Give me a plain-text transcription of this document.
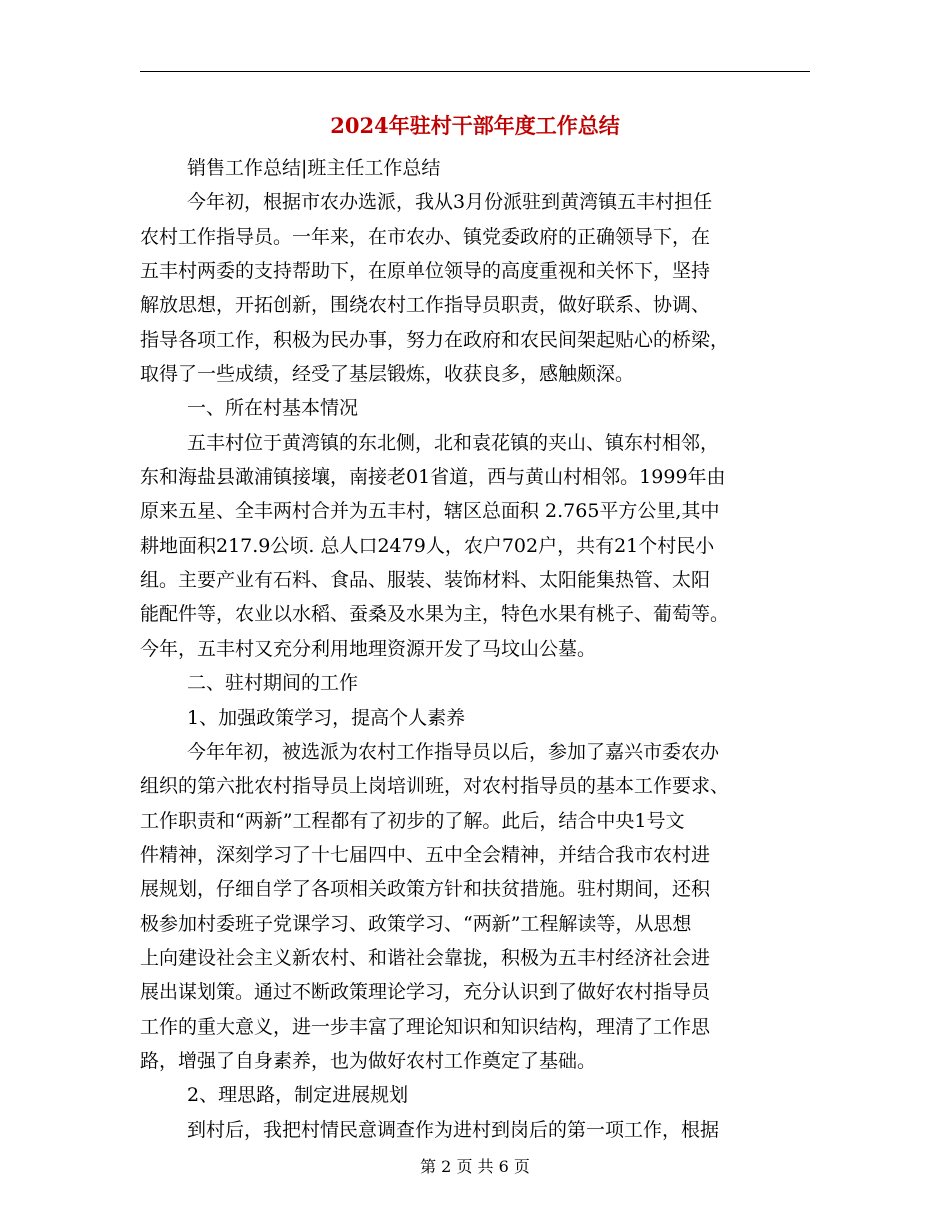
2024年驻村干部年度工作总结
销售工作总结|班主任工作总结
今年初，根据市农办选派，我从3月份派驻到黄湾镇五丰村担任
农村工作指导员。一年来，在市农办、镇党委政府的正确领导下，在
五丰村两委的支持帮助下，在原单位领导的高度重视和关怀下，坚持
解放思想，开拓创新，围绕农村工作指导员职责，做好联系、协调、
指导各项工作，积极为民办事，努力在政府和农民间架起贴心的桥梁，
取得了一些成绩，经受了基层锻炼，收获良多，感触颇深。
一、所在村基本情况
五丰村位于黄湾镇的东北侧，北和袁花镇的夹山、镇东村相邻，
东和海盐县澉浦镇接壤，南接老01省道，西与黄山村相邻。1999年由
原来五星、全丰两村合并为五丰村，辖区总面积 2.765平方公里,其中
耕地面积217.9公顷. 总人口2479人，农户702户，共有21个村民小
组。主要产业有石料、食品、服装、装饰材料、太阳能集热管、太阳
能配件等，农业以水稻、蚕桑及水果为主，特色水果有桃子、葡萄等。
今年，五丰村又充分利用地理资源开发了马坟山公墓。
二、驻村期间的工作
1、加强政策学习，提高个人素养
今年年初，被选派为农村工作指导员以后，参加了嘉兴市委农办
组织的第六批农村指导员上岗培训班，对农村指导员的基本工作要求、
工作职责和“两新”工程都有了初步的了解。此后，结合中央1号文
件精神，深刻学习了十七届四中、五中全会精神，并结合我市农村进
展规划，仔细自学了各项相关政策方针和扶贫措施。驻村期间，还积
极参加村委班子党课学习、政策学习、“两新”工程解读等，从思想
上向建设社会主义新农村、和谐社会靠拢，积极为五丰村经济社会进
展出谋划策。通过不断政策理论学习，充分认识到了做好农村指导员
工作的重大意义，进一步丰富了理论知识和知识结构，理清了工作思
路，增强了自身素养，也为做好农村工作奠定了基础。
2、理思路，制定进展规划
到村后，我把村情民意调查作为进村到岗后的第一项工作，根据
第 2 页 共 6 页
